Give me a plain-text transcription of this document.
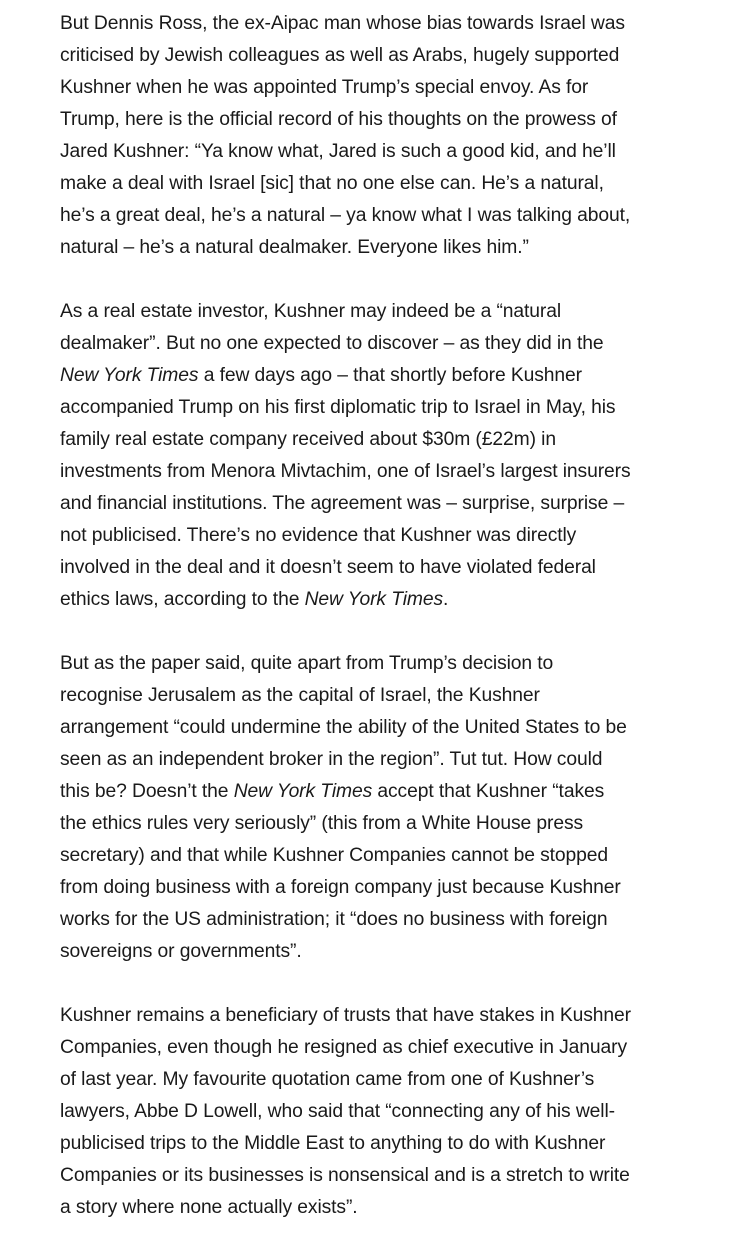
But Dennis Ross, the ex-Aipac man whose bias towards Israel was
criticised by Jewish colleagues as well as Arabs, hugely supported
Kushner when he was appointed Trump’s special envoy. As for
Trump, here is the official record of his thoughts on the prowess of
Jared Kushner: “Ya know what, Jared is such a good kid, and he’ll
make a deal with Israel [sic] that no one else can. He’s a natural,
he’s a great deal, he’s a natural – ya know what I was talking about,
natural – he’s a natural dealmaker. Everyone likes him.”

As a real estate investor, Kushner may indeed be a “natural
dealmaker”. But no one expected to discover – as they did in the
New York Times a few days ago – that shortly before Kushner
accompanied Trump on his first diplomatic trip to Israel in May, his
family real estate company received about $30m (£22m) in
investments from Menora Mivtachim, one of Israel’s largest insurers
and financial institutions. The agreement was – surprise, surprise –
not publicised. There’s no evidence that Kushner was directly
involved in the deal and it doesn’t seem to have violated federal
ethics laws, according to the New York Times.

But as the paper said, quite apart from Trump’s decision to
recognise Jerusalem as the capital of Israel, the Kushner
arrangement “could undermine the ability of the United States to be
seen as an independent broker in the region”. Tut tut. How could
this be? Doesn’t the New York Times accept that Kushner “takes
the ethics rules very seriously” (this from a White House press
secretary) and that while Kushner Companies cannot be stopped
from doing business with a foreign company just because Kushner
works for the US administration; it “does no business with foreign
sovereigns or governments”.

Kushner remains a beneficiary of trusts that have stakes in Kushner
Companies, even though he resigned as chief executive in January
of last year. My favourite quotation came from one of Kushner’s
lawyers, Abbe D Lowell, who said that “connecting any of his well-
publicised trips to the Middle East to anything to do with Kushner
Companies or its businesses is nonsensical and is a stretch to write
a story where none actually exists”.
